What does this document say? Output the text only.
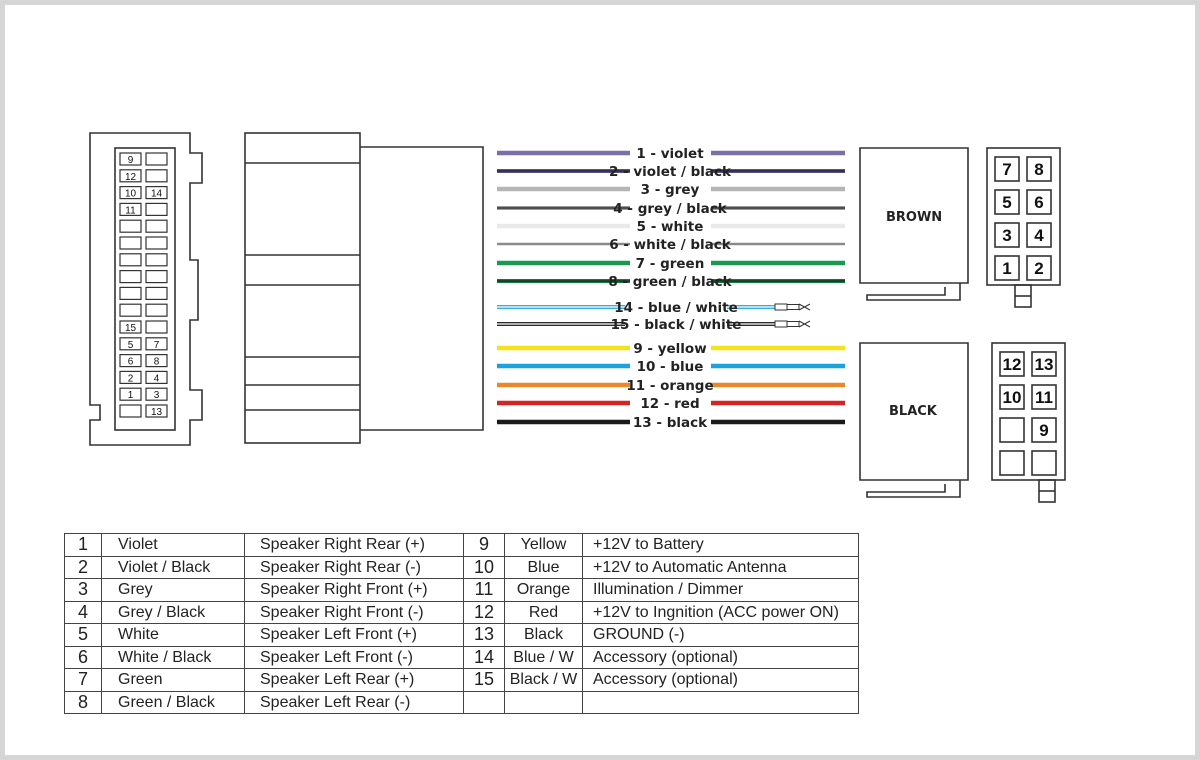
9
12
10 14
11
15
5 7
6 8
2 4
1 3
13
1 - violet
2 - violet / black
3 - grey
4 - grey / black
5 - white
6 - white / black
7 - green
8 - green / black
14 - blue / white
15 - black / white
9 - yellow
10 - blue
11 - orange
12 - red
13 - black
BROWN
7 8
5 6
3 4
1 2
BLACK
12 13
10 11
9
1	Violet	Speaker Right Rear (+)	9	Yellow	+12V to Battery
2	Violet / Black	Speaker Right Rear (-)	10	Blue	+12V to Automatic Antenna
3	Grey	Speaker Right Front (+)	11	Orange	Illumination / Dimmer
4	Grey / Black	Speaker Right Front (-)	12	Red	+12V to Ingnition (ACC power ON)
5	White	Speaker Left Front (+)	13	Black	GROUND (-)
6	White / Black	Speaker Left Front (-)	14	Blue / W	Accessory (optional)
7	Green	Speaker Left Rear (+)	15	Black / W	Accessory (optional)
8	Green / Black	Speaker Left Rear (-)			
